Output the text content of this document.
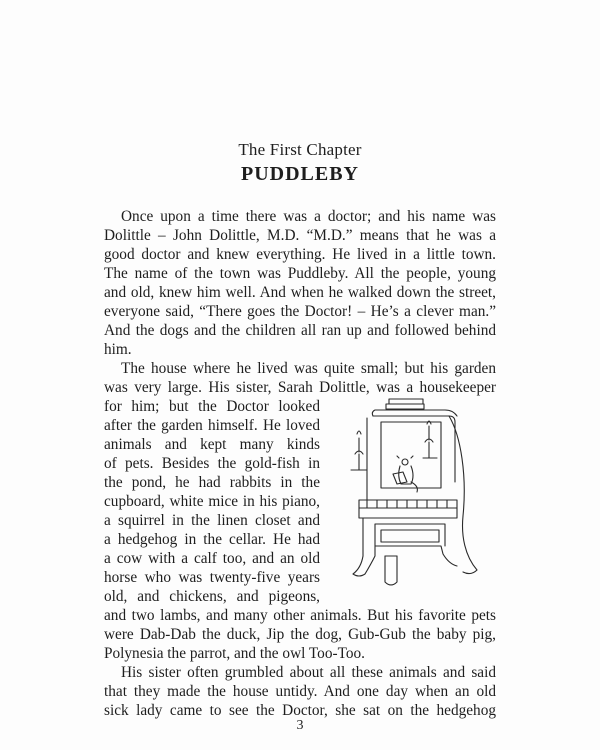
The First Chapter
PUDDLEBY
Once upon a time there was a doctor; and his name was
Dolittle – John Dolittle, M.D. “M.D.” means that he was a
good doctor and knew everything. He lived in a little town.
The name of the town was Puddleby. All the people, young
and old, knew him well. And when he walked down the street,
everyone said, “There goes the Doctor! – He’s a clever man.”
And the dogs and the children all ran up and followed behind
him.
The house where he lived was quite small; but his garden
was very large. His sister, Sarah Dolittle, was a housekeeper
for him; but the Doctor looked
after the garden himself. He loved
animals and kept many kinds
of pets. Besides the gold-fish in
the pond, he had rabbits in the
cupboard, white mice in his piano,
a squirrel in the linen closet and
a hedgehog in the cellar. He had
a cow with a calf too, and an old
horse who was twenty-five years
old, and chickens, and pigeons,
and two lambs, and many other animals. But his favorite pets
were Dab-Dab the duck, Jip the dog, Gub-Gub the baby pig,
Polynesia the parrot, and the owl Too-Too.
His sister often grumbled about all these animals and said
that they made the house untidy. And one day when an old
sick lady came to see the Doctor, she sat on the hedgehog
3
